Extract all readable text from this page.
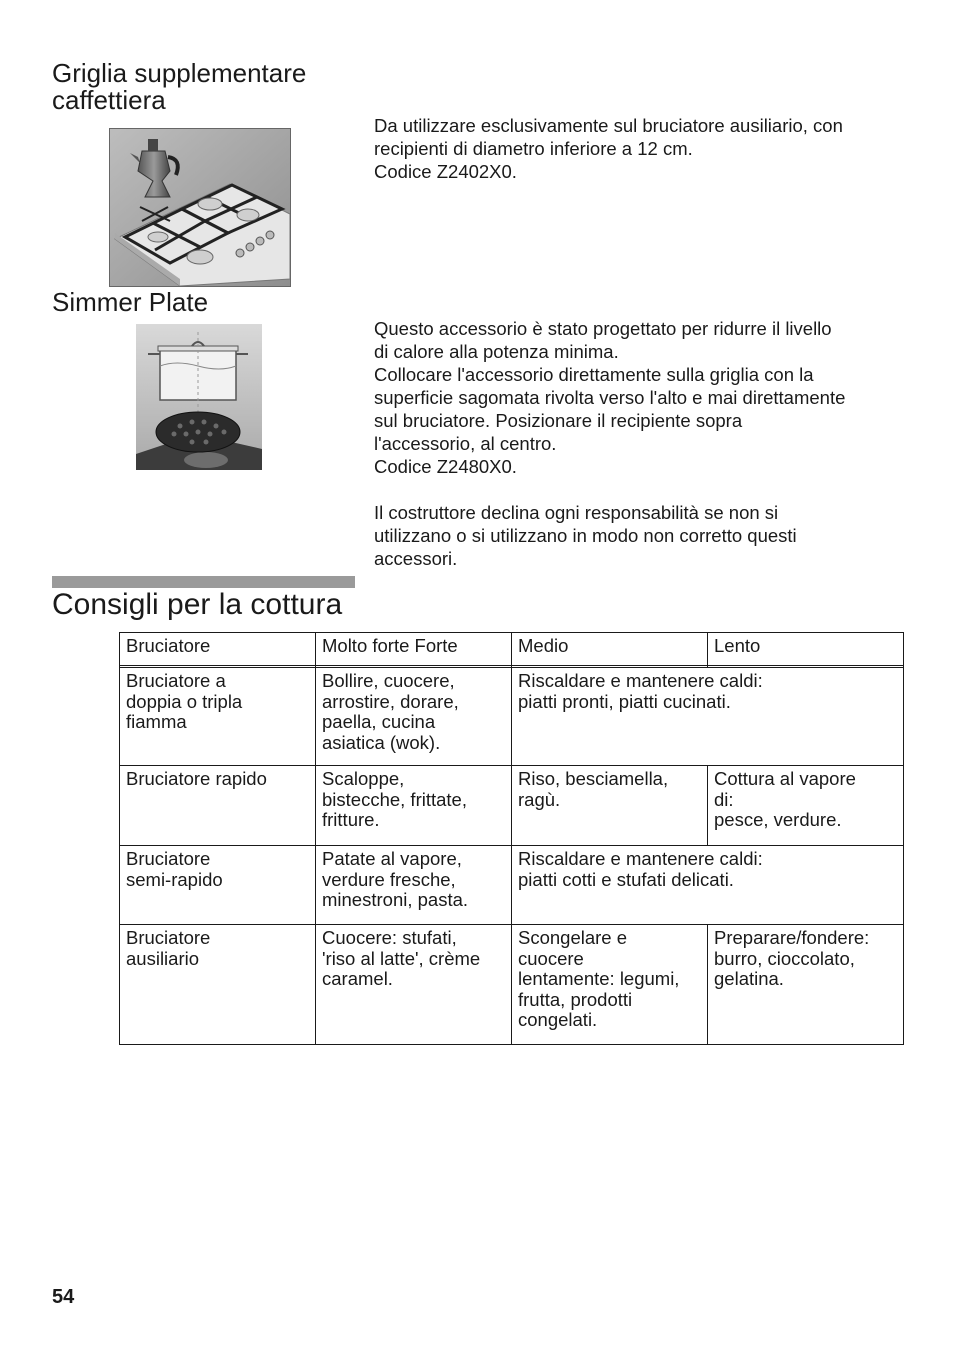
Griglia supplementare
caffettiera

Da utilizzare esclusivamente sul bruciatore ausiliario, con

recipienti di diametro inferiore a 12 cm.

Codice Z2402X0.

Simmer Plate

Questo accessorio è stato progettato per ridurre il livello

di calore alla potenza minima.

Collocare l'accessorio direttamente sulla griglia con la

superficie sagomata rivolta verso l'alto e mai direttamente

sul bruciatore. Posizionare il recipiente sopra

l'accessorio, al centro.

Codice Z2480X0.

Il costruttore declina ogni responsabilità se non si

utilizzano o si utilizzano in modo non corretto questi

accessori.

Consigli per la cottura
Bruciatore	Molto forte Forte	Medio	Lento

Bruciatore a
doppia o tripla
fiamma	Bollire, cuocere,
arrostire, dorare,
paella, cucina
asiatica (wok).	Riscaldare e mantenere caldi:
piatti pronti, piatti cucinati.	
Bruciatore rapido	Scaloppe,
bistecche, frittate,
fritture.	Riso, besciamella,
ragù.	Cottura al vapore
di:
pesce, verdure.
Bruciatore
semi-rapido	Patate al vapore,
verdure fresche,
minestroni, pasta.	Riscaldare e mantenere caldi:
piatti cotti e stufati delicati.	
Bruciatore
ausiliario	Cuocere: stufati,
'riso al latte', crème
caramel.	Scongelare e
cuocere
lentamente: legumi,
frutta, prodotti
congelati.	Preparare/fondere:
burro, cioccolato,
gelatina.
54
